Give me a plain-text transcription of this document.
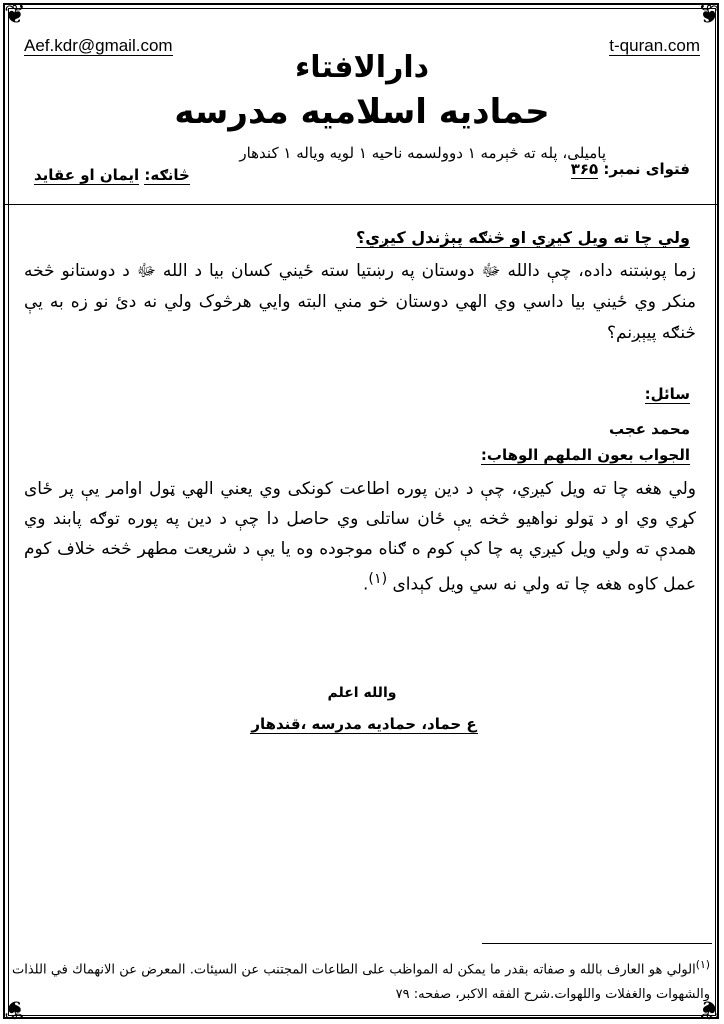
❦	❦
❦	❦
Aef.kdr@gmail.com	t-quran.com
دارالافتاء
حمادیه اسلامیه مدرسه
پامیلی، پله ته څېرمه ۱ دوولسمه ناحیه ۱ لویه ویاله ۱ کندهار
فتوای نمبر: ۳۶۵
څانګه: ایمان او عقاید
ولي چا ته ویل کیږي او څنګه پېژندل کیږي؟
زما پوښتنه داده، چې دالله ﷻ دوستان په رښتیا سته ځیني کسان بیا د الله ﷻ د دوستانو څخه منکر وي ځیني بیا داسي وي الهي دوستان خو مني البته وایي هرڅوک ولي نه دئ نو زه به یې څنګه پیېږنم؟
سائل:
محمد عجب
الجواب بعون الملهم الوهاب:
ولي هغه چا ته ویل کیږي، چې د دین پوره اطاعت کونکی وي یعني الهي ټول اوامر یې پر ځای کړي وي او د ټولو نواهیو څخه یې ځان ساتلی وي حاصل دا چې د دین په پوره توګه پابند وي همدې ته ولي ویل کیږي په چا کې کوم ه ګناه موجوده وه یا یې د شریعت مطهر څخه خلاف کوم عمل کاوه هغه چا ته ولي نه سي ویل کېدای $^{(١)}$.
والله اعلم
ع حماد، حمادیه مدرسه ،قندهار
$^{(١)}$الولي هو العارف بالله و صفاته بقدر ما یمکن له المواظب على الطاعات المجتنب عن السیئات. المعرض عن الانهماك في اللذات والشهوات والغفلات واللهوات.شرح الفقه الاکبر، صفحه: ۷۹
